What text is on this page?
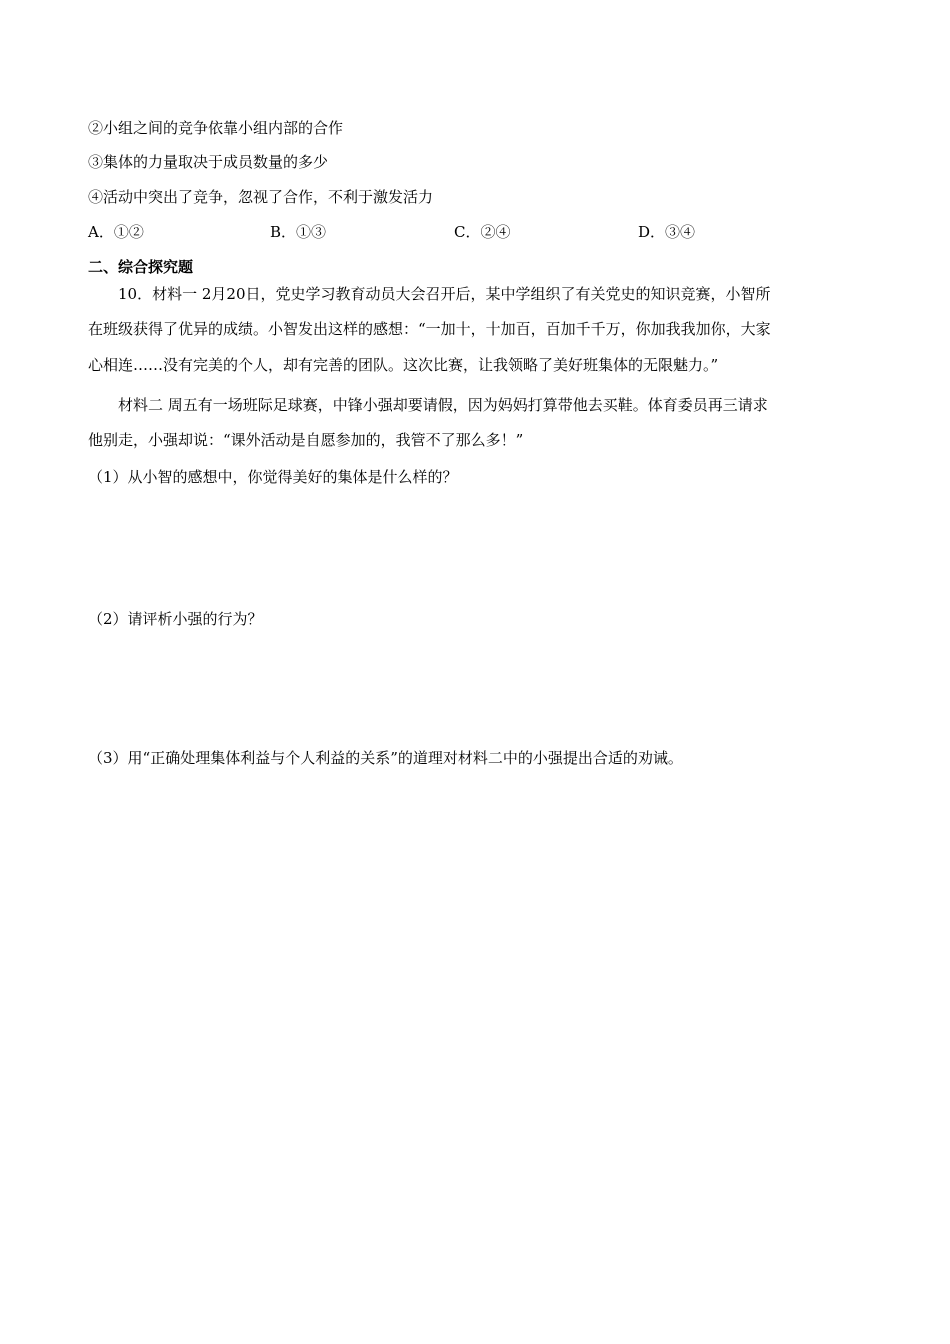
②小组之间的竞争依靠小组内部的合作
③集体的力量取决于成员数量的多少
④活动中突出了竞争，忽视了合作，不利于激发活力
A．①②	B．①③	C．②④	D．③④
二、综合探究题
10．材料一 2月20日，党史学习教育动员大会召开后，某中学组织了有关党史的知识竞赛，小智所
在班级获得了优异的成绩。小智发出这样的感想：“一加十，十加百，百加千千万，你加我我加你，大家
心相连……没有完美的个人，却有完善的团队。这次比赛，让我领略了美好班集体的无限魅力。”
材料二 周五有一场班际足球赛，中锋小强却要请假，因为妈妈打算带他去买鞋。体育委员再三请求
他别走，小强却说：“课外活动是自愿参加的，我管不了那么多！”
（1）从小智的感想中，你觉得美好的集体是什么样的？
（2）请评析小强的行为？
（3）用“正确处理集体利益与个人利益的关系”的道理对材料二中的小强提出合适的劝诫。
